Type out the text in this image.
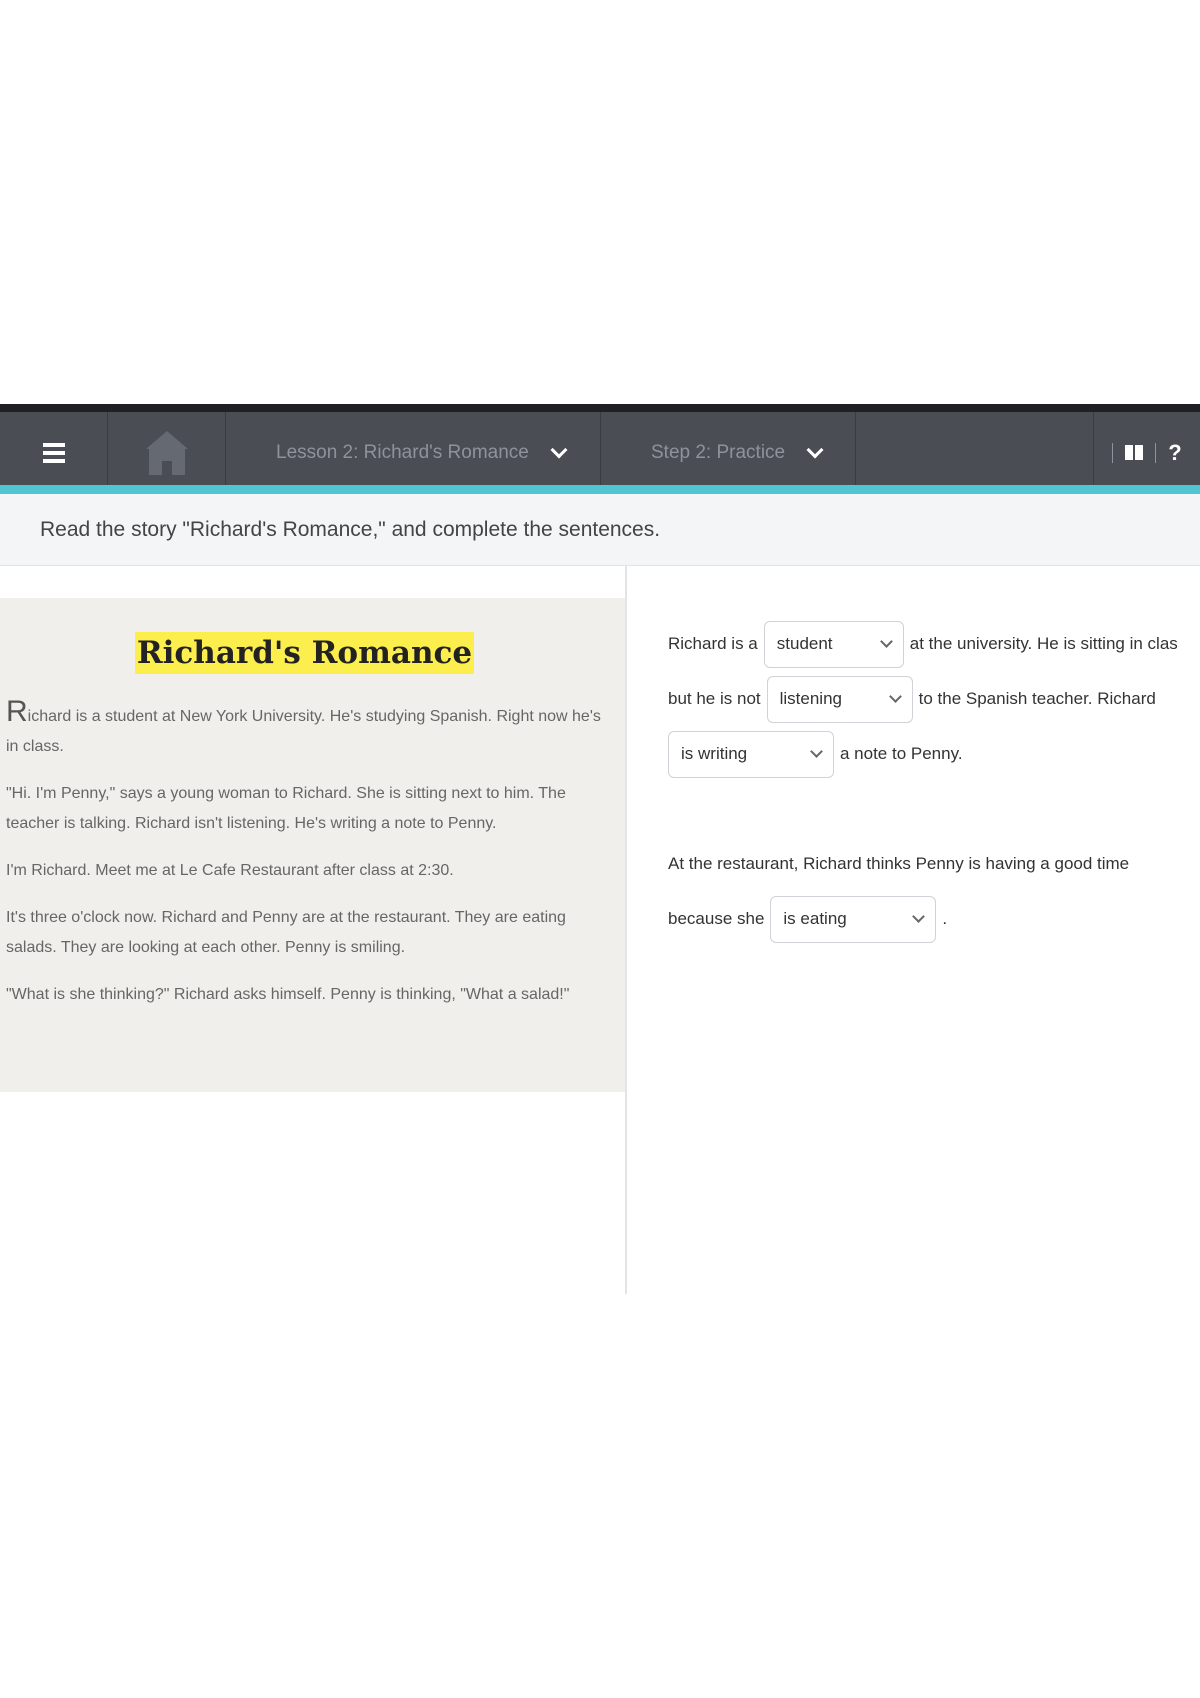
Lesson 2: Richard's Romance	Step 2: Practice	?
Read the story "Richard's Romance," and complete the sentences.
Richard's Romance

Richard is a student at New York University. He's studying Spanish. Right now he's in class.

"Hi. I'm Penny," says a young woman to Richard. She is sitting next to him. The teacher is talking. Richard isn't listening. He's writing a note to Penny.

I'm Richard. Meet me at Le Cafe Restaurant after class at 2:30.

It's three o'clock now. Richard and Penny are at the restaurant. They are eating salads. They are looking at each other. Penny is smiling.

"What is she thinking?" Richard asks himself. Penny is thinking, "What a salad!"

Richard is a student	at the university. He is sitting in clas
but he is not listening	to the Spanish teacher. Richard
is writing	a note to Penny.
At the restaurant, Richard thinks Penny is having a good time
because she is eating	.
